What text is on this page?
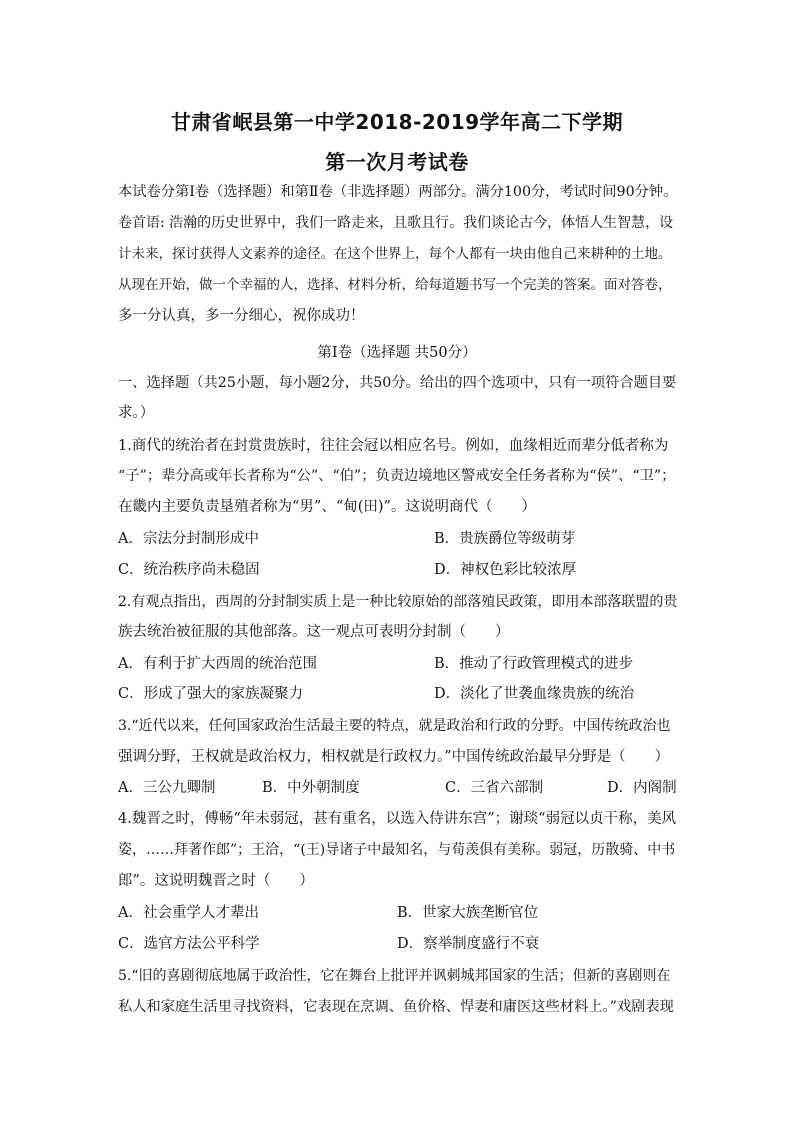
甘肃省岷县第一中学2018-2019学年高二下学期
第一次月考试卷
本试卷分第Ⅰ卷（选择题）和第Ⅱ卷（非选择题）两部分。满分100分，考试时间90分钟。
卷首语: 浩瀚的历史世界中，我们一路走来，且歌且行。我们谈论古今，体悟人生智慧，设
计未来，探讨获得人文素养的途径。在这个世界上，每个人都有一块由他自己来耕种的土地。
从现在开始，做一个幸福的人，选择、材料分析，给每道题书写一个完美的答案。面对答卷，
多一分认真，多一分细心，祝你成功！
第Ⅰ卷（选择题 共50分）
一、选择题（共25小题，每小题2分，共50分。给出的四个选项中，只有一项符合题目要
求。）
1.商代的统治者在封赏贵族时，往往会冠以相应名号。例如，血缘相近而辈分低者称为
“子”；辈分高或年长者称为“公”、“伯”；负责边境地区警戒安全任务者称为“侯”、“卫”；
在畿内主要负责垦殖者称为“男”、“甸(田)”。这说明商代（　　）
A．宗法分封制形成中	B．贵族爵位等级萌芽
C．统治秩序尚未稳固	D．神权色彩比较浓厚
2.有观点指出，西周的分封制实质上是一种比较原始的部落殖民政策，即用本部落联盟的贵
族去统治被征服的其他部落。这一观点可表明分封制（　　）
A．有利于扩大西周的统治范围	B．推动了行政管理模式的进步
C．形成了强大的家族凝聚力	D．淡化了世袭血缘贵族的统治
3.“近代以来，任何国家政治生活最主要的特点，就是政治和行政的分野。中国传统政治也
强调分野，王权就是政治权力，相权就是行政权力。”中国传统政治最早分野是（　　）
A．三公九卿制	B．中外朝制度	C．三省六部制	D．内阁制
4.魏晋之时，傅畅“年未弱冠，甚有重名，以选入侍讲东宫”；谢琰“弱冠以贞干称，美风
姿，……拜著作郎”；王洽，“(王)导诸子中最知名，与荀羡俱有美称。弱冠，历散骑、中书
郎”。这说明魏晋之时（　　）
A．社会重学人才辈出	B．世家大族垄断官位
C．选官方法公平科学	D．察举制度盛行不衰
5.“旧的喜剧彻底地属于政治性，它在舞台上批评并讽刺城邦国家的生活；但新的喜剧则在
私人和家庭生活里寻找资料，它表现在烹调、鱼价格、悍妻和庸医这些材料上。”戏剧表现
